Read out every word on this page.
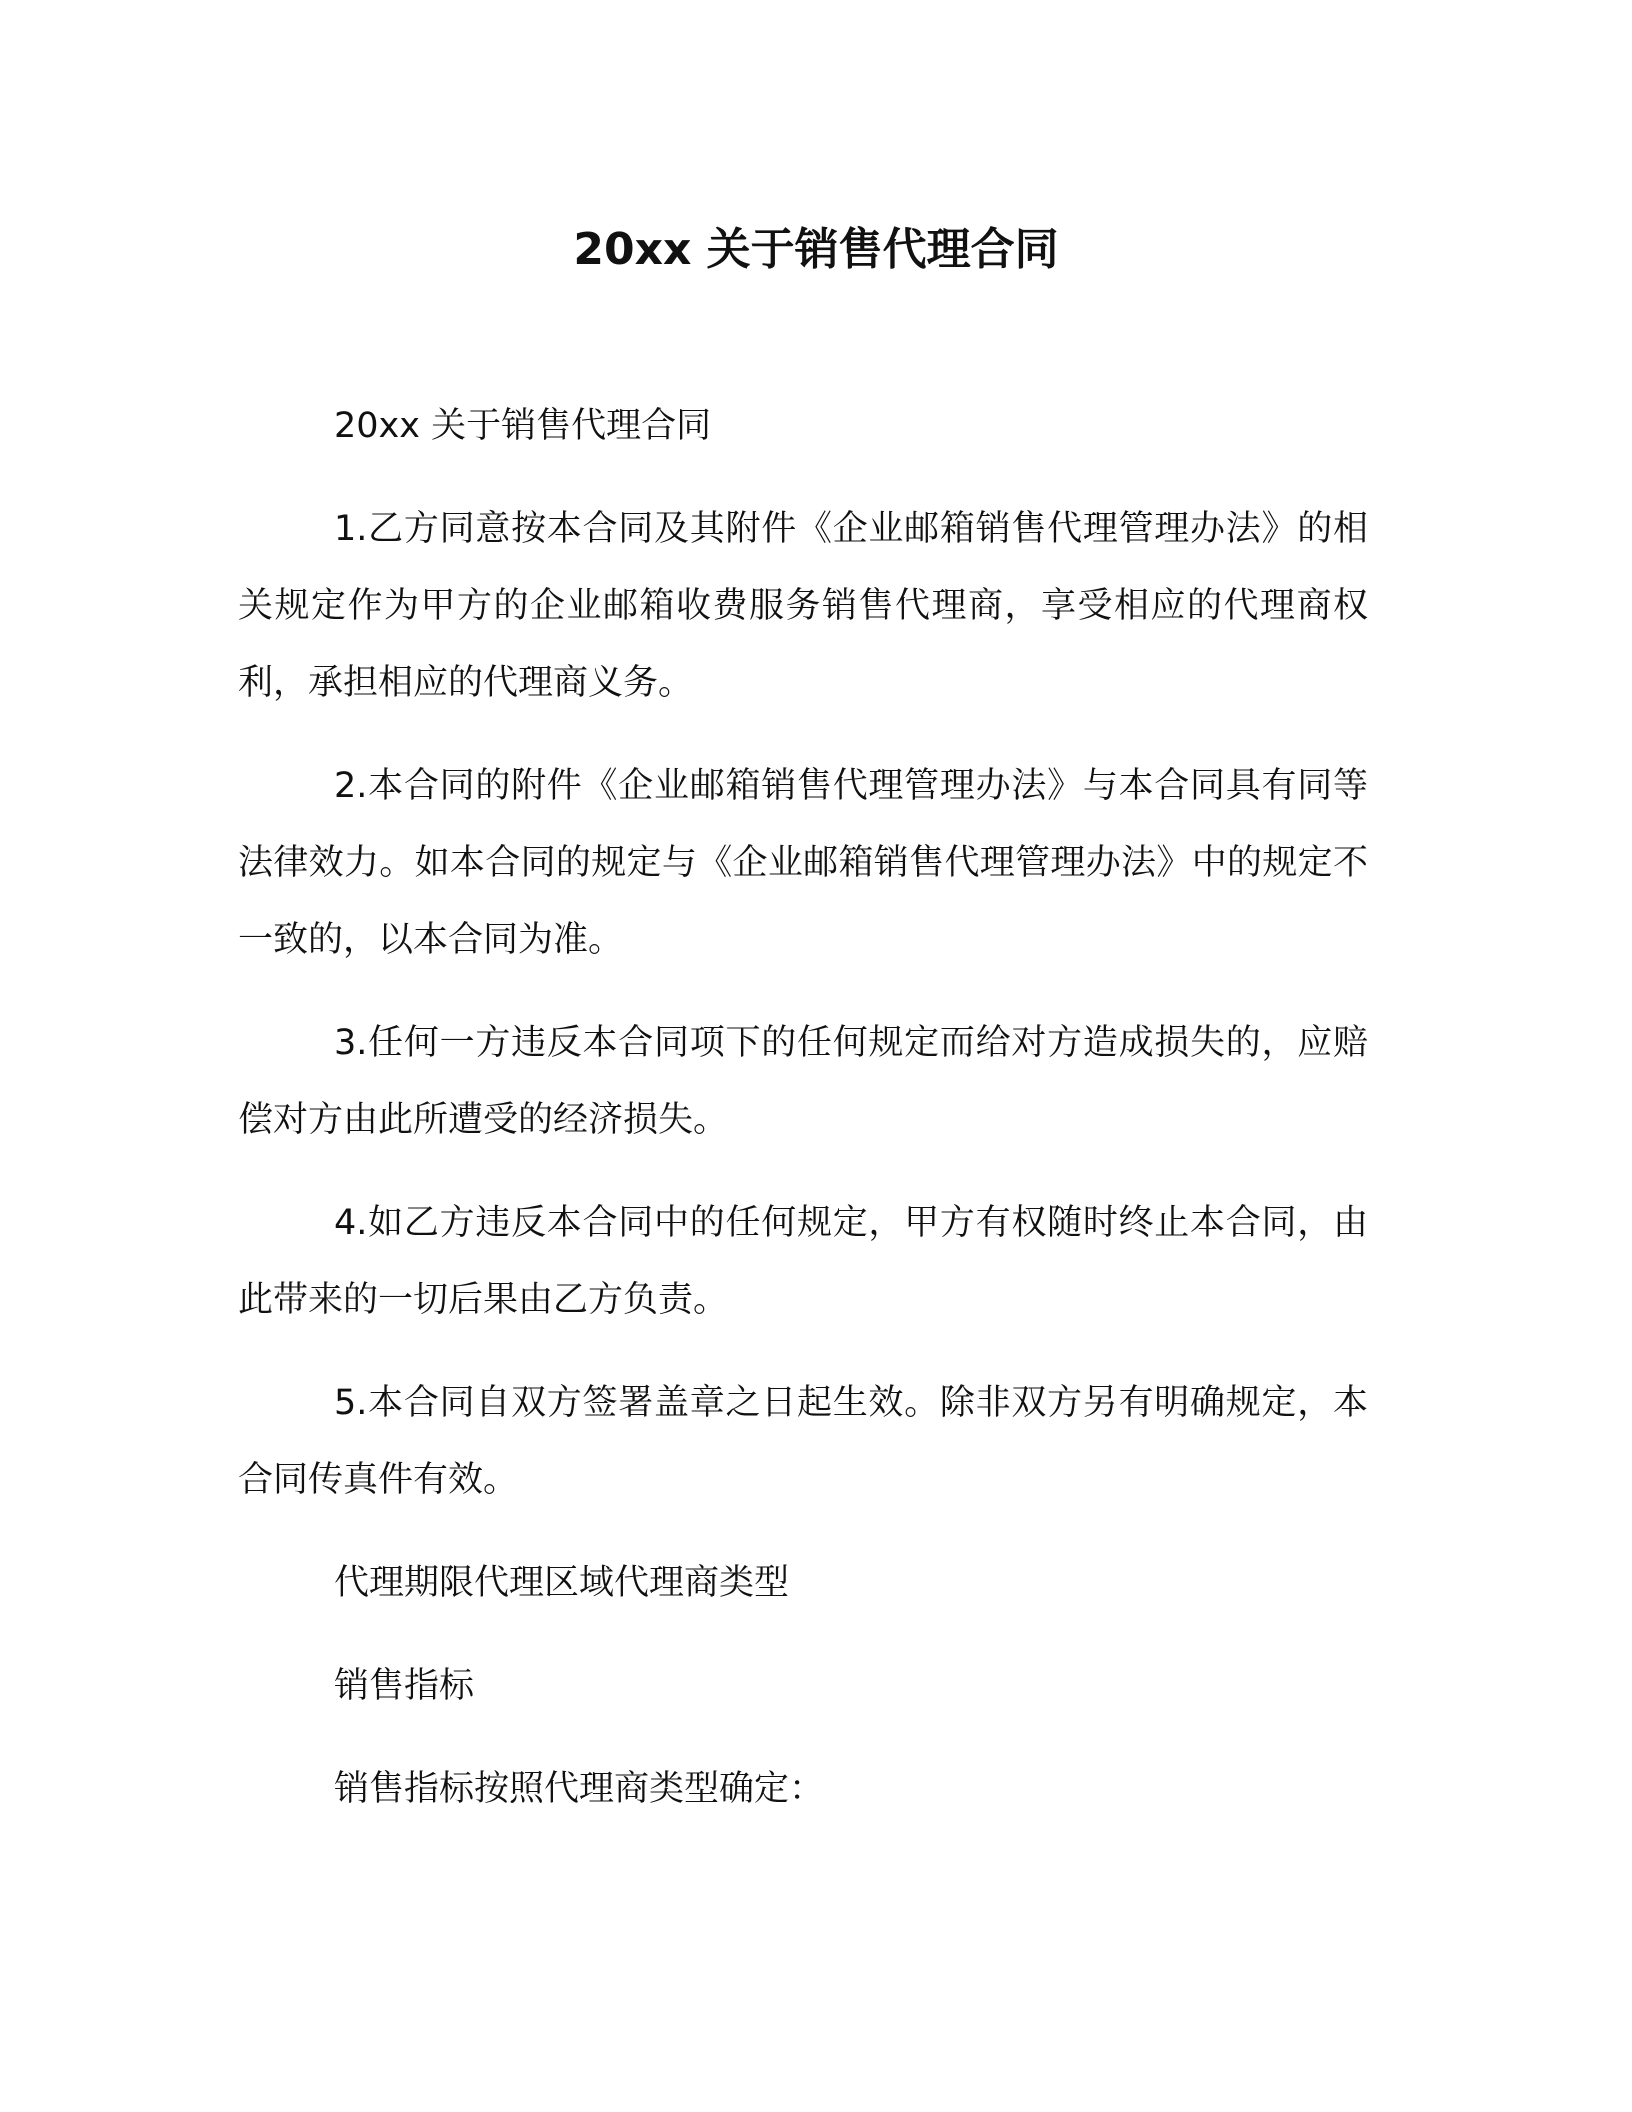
20xx 关于销售代理合同

20xx 关于销售代理合同

1.乙方同意按本合同及其附件《企业邮箱销售代理管理办法》的相关规定作为甲方的企业邮箱收费服务销售代理商，享受相应的代理商权利，承担相应的代理商义务。

2.本合同的附件《企业邮箱销售代理管理办法》与本合同具有同等法律效力。如本合同的规定与《企业邮箱销售代理管理办法》中的规定不一致的，以本合同为准。

3.任何一方违反本合同项下的任何规定而给对方造成损失的，应赔偿对方由此所遭受的经济损失。

4.如乙方违反本合同中的任何规定，甲方有权随时终止本合同，由此带来的一切后果由乙方负责。

5.本合同自双方签署盖章之日起生效。除非双方另有明确规定，本合同传真件有效。

代理期限代理区域代理商类型

销售指标

销售指标按照代理商类型确定：
